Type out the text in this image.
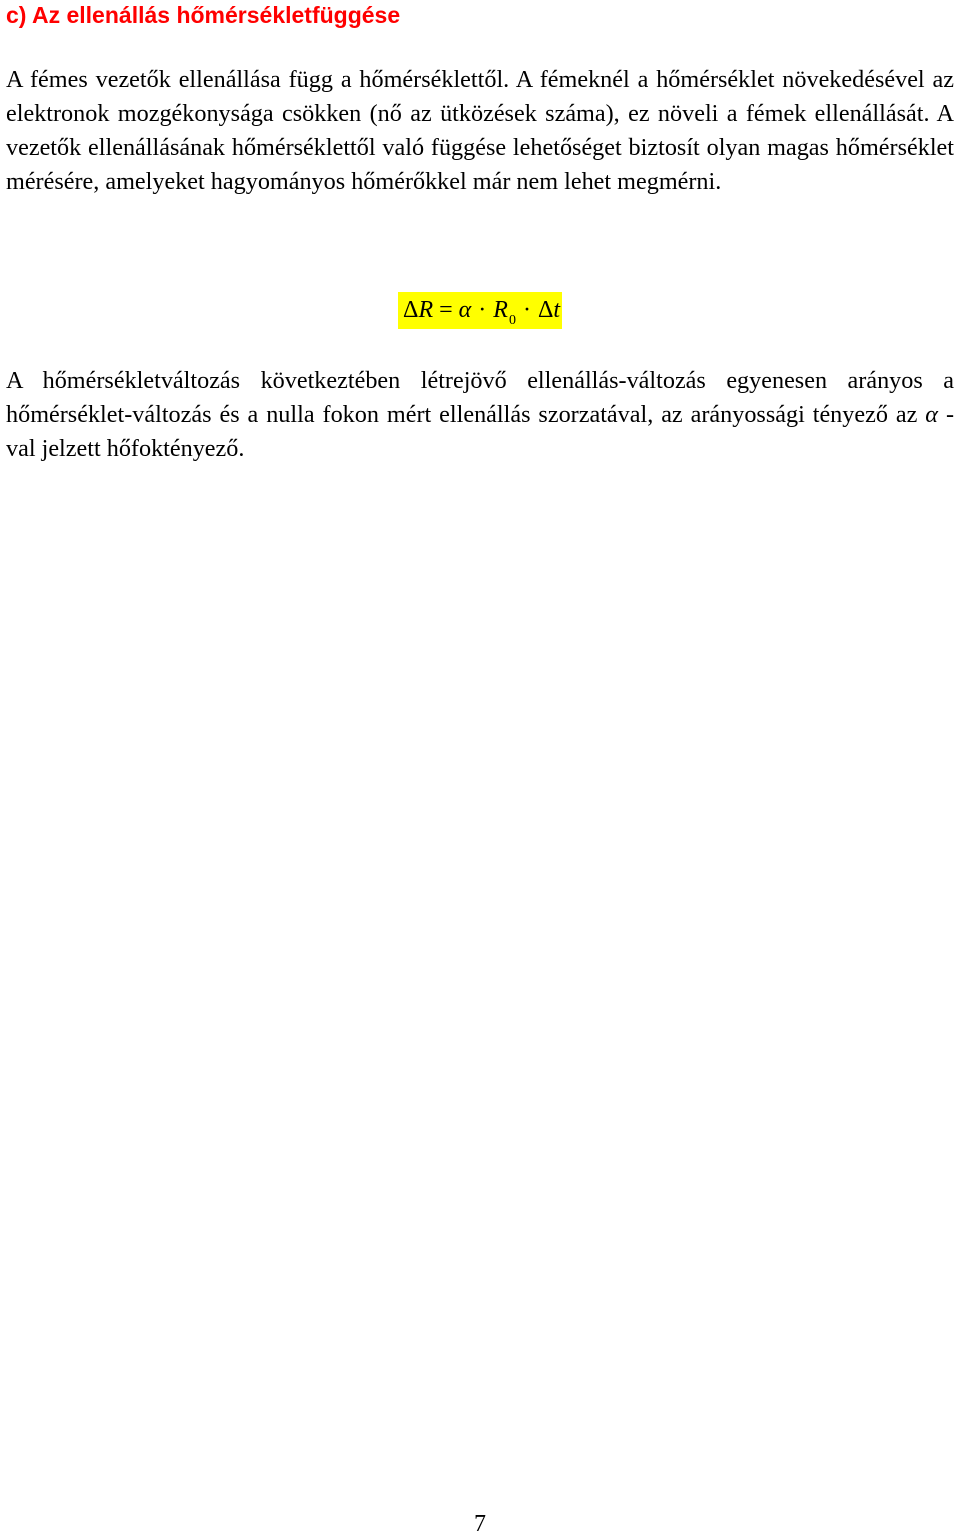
c) Az ellenállás hőmérsékletfüggése

A fémes vezetők ellenállása függ a hőmérséklettől. A fémeknél a hőmérséklet növekedésével az elektronok mozgékonysága csökken (nő az ütközések száma), ez növeli a fémek ellenállását. A vezetők ellenállásának hőmérséklettől való függése lehetőséget biztosít olyan magas hőmérséklet mérésére, amelyeket hagyományos hőmérőkkel már nem lehet megmérni.

$\Delta R = \alpha \cdot R_0 \cdot \Delta t$

A hőmérsékletváltozás következtében létrejövő ellenállás-változás egyenesen arányos a hőmérséklet-változás és a nulla fokon mért ellenállás szorzatával, az arányossági tényező az α -val jelzett hőfoktényező.

7
